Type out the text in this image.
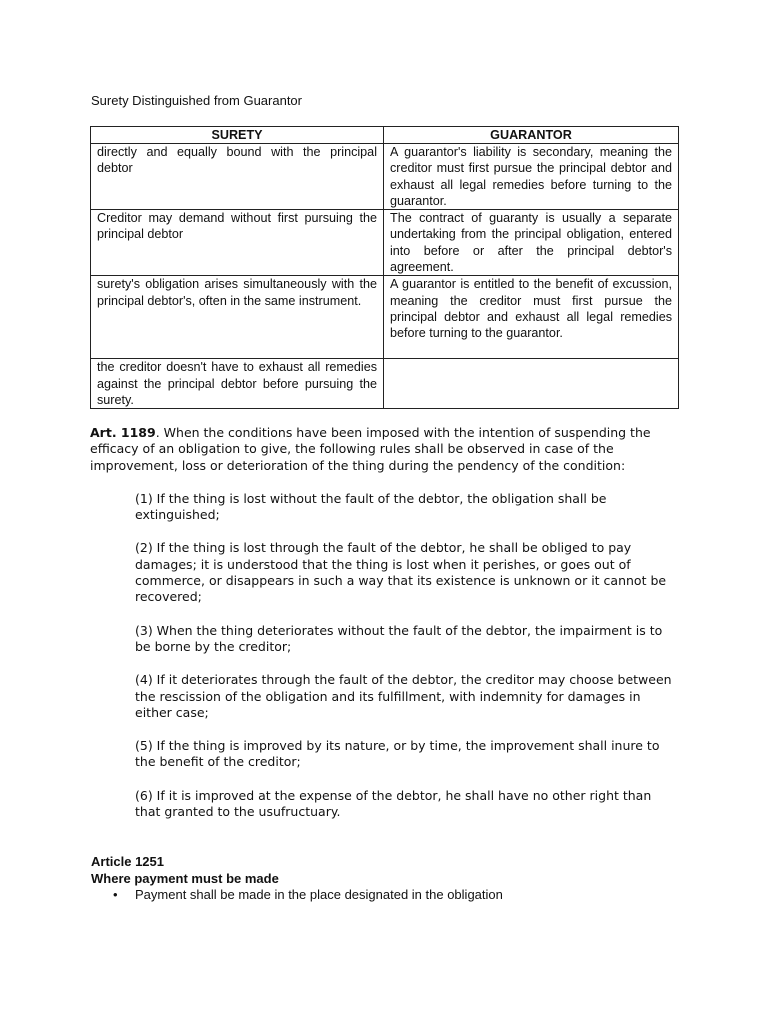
Surety Distinguished from Guarantor
SURETY	GUARANTOR
directly and equally bound with the principal debtor	A guarantor's liability is secondary, meaning the creditor must first pursue the principal debtor and exhaust all legal remedies before turning to the guarantor.
Creditor may demand without first pursuing the principal debtor	The contract of guaranty is usually a separate undertaking from the principal obligation, entered into before or after the principal debtor's agreement.
surety's obligation arises simultaneously with the principal debtor's, often in the same instrument.	A guarantor is entitled to the benefit of excussion, meaning the creditor must first pursue the principal debtor and exhaust all legal remedies before turning to the guarantor.
the creditor doesn't have to exhaust all remedies against the principal debtor before pursuing the surety.	

Art. 1189. When the conditions have been imposed with the intention of suspending the efficacy of an obligation to give, the following rules shall be observed in case of the improvement, loss or deterioration of the thing during the pendency of the condition:

(1) If the thing is lost without the fault of the debtor, the obligation shall be extinguished;
(2) If the thing is lost through the fault of the debtor, he shall be obliged to pay damages; it is understood that the thing is lost when it perishes, or goes out of commerce, or disappears in such a way that its existence is unknown or it cannot be recovered;
(3) When the thing deteriorates without the fault of the debtor, the impairment is to be borne by the creditor;
(4) If it deteriorates through the fault of the debtor, the creditor may choose between the rescission of the obligation and its fulfillment, with indemnity for damages in either case;
(5) If the thing is improved by its nature, or by time, the improvement shall inure to the benefit of the creditor;
(6) If it is improved at the expense of the debtor, he shall have no other right than that granted to the usufructuary.
Article 1251
Where payment must be made
• Payment shall be made in the place designated in the obligation
